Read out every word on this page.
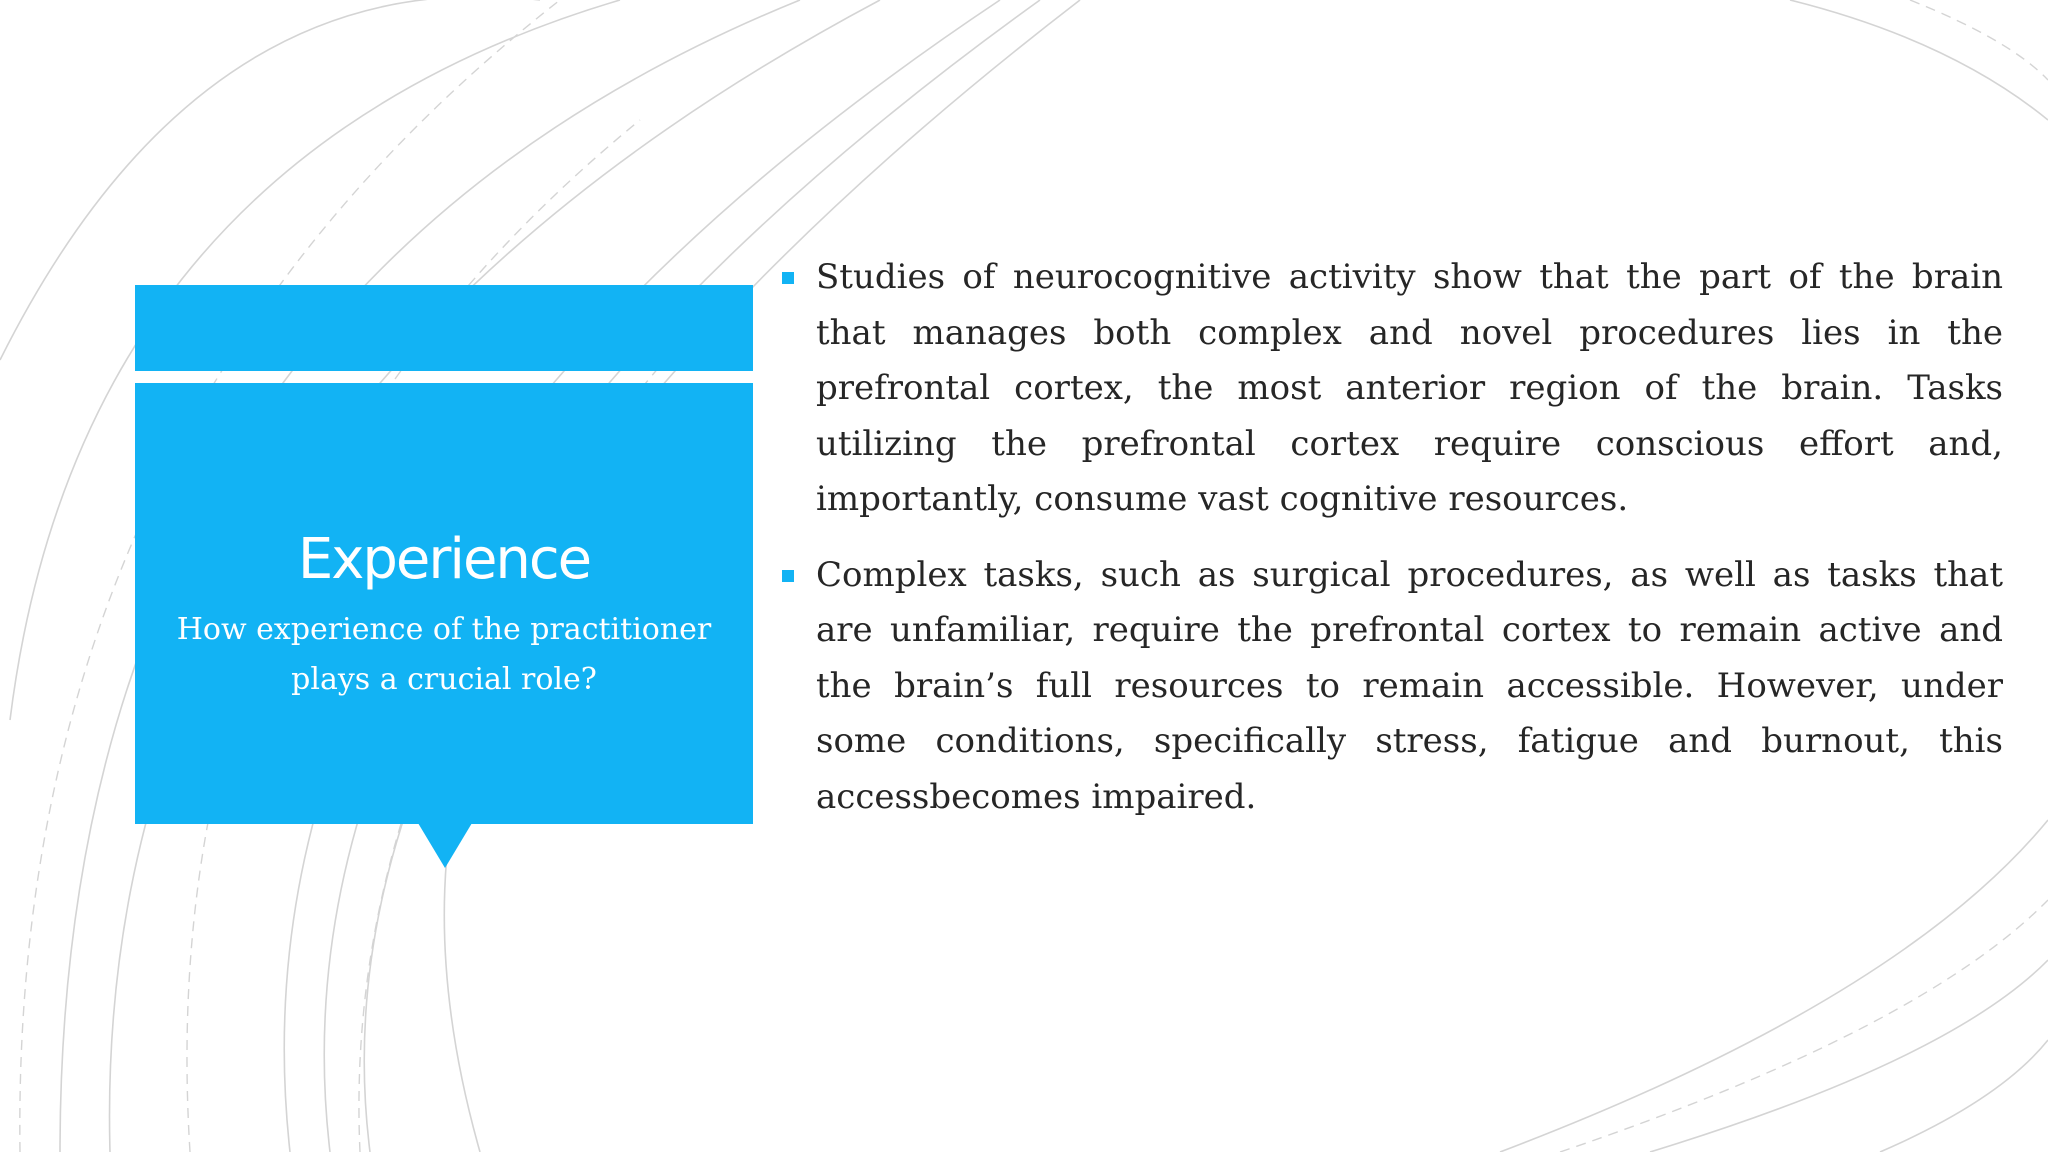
Experience
How experience of the practitioner plays a crucial role?
Studies of neurocognitive activity show that the part of the brain that manages both complex and novel procedures lies in the prefrontal cortex, the most anterior region of the brain. Tasks utilizing the prefrontal cortex require conscious effort and, importantly, consume vast cognitive resources.
Complex tasks, such as surgical procedures, as well as tasks that are unfamiliar, require the prefrontal cortex to remain active and the brain’s full resources to remain accessible. However, under some conditions, specifically stress, fatigue and burnout, this accessbecomes impaired.
